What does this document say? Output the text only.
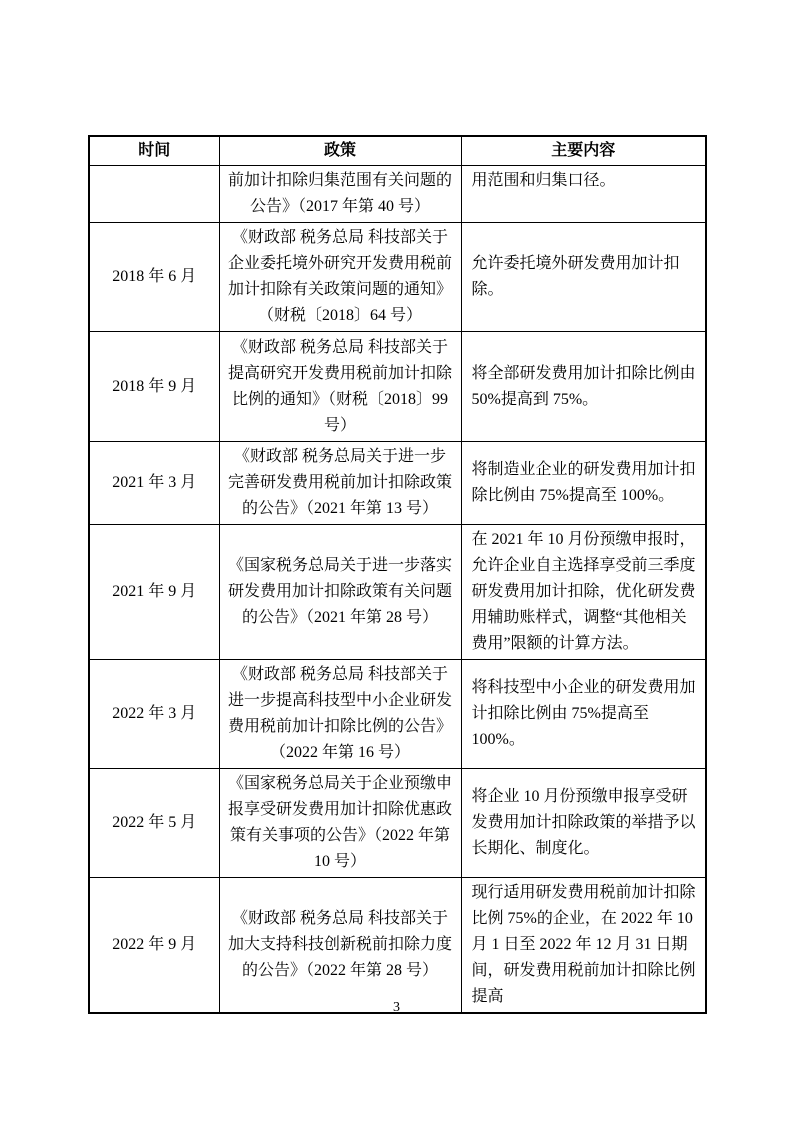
时间	政策	主要内容
	前加计扣除归集范围有关问题的公告》（2017 年第 40 号）	用范围和归集口径。
2018 年 6 月	《财政部 税务总局 科技部关于企业委托境外研究开发费用税前加计扣除有关政策问题的通知》（财税〔2018〕64 号）	允许委托境外研发费用加计扣除。
2018 年 9 月	《财政部 税务总局 科技部关于提高研究开发费用税前加计扣除比例的通知》（财税〔2018〕99 号）	将全部研发费用加计扣除比例由 50%提高到 75%。
2021 年 3 月	《财政部 税务总局关于进一步完善研发费用税前加计扣除政策的公告》（2021 年第 13 号）	将制造业企业的研发费用加计扣除比例由 75%提高至 100%。
2021 年 9 月	《国家税务总局关于进一步落实研发费用加计扣除政策有关问题的公告》（2021 年第 28 号）	在 2021 年 10 月份预缴申报时，允许企业自主选择享受前三季度研发费用加计扣除，优化研发费用辅助账样式，调整“其他相关费用”限额的计算方法。
2022 年 3 月	《财政部 税务总局 科技部关于进一步提高科技型中小企业研发费用税前加计扣除比例的公告》（2022 年第 16 号）	将科技型中小企业的研发费用加计扣除比例由 75%提高至 100%。
2022 年 5 月	《国家税务总局关于企业预缴申报享受研发费用加计扣除优惠政策有关事项的公告》（2022 年第 10 号）	将企业 10 月份预缴申报享受研发费用加计扣除政策的举措予以长期化、制度化。
2022 年 9 月	《财政部 税务总局 科技部关于加大支持科技创新税前扣除力度的公告》（2022 年第 28 号）	现行适用研发费用税前加计扣除比例 75%的企业，在 2022 年 10 月 1 日至 2022 年 12 月 31 日期间，研发费用税前加计扣除比例提高
3
